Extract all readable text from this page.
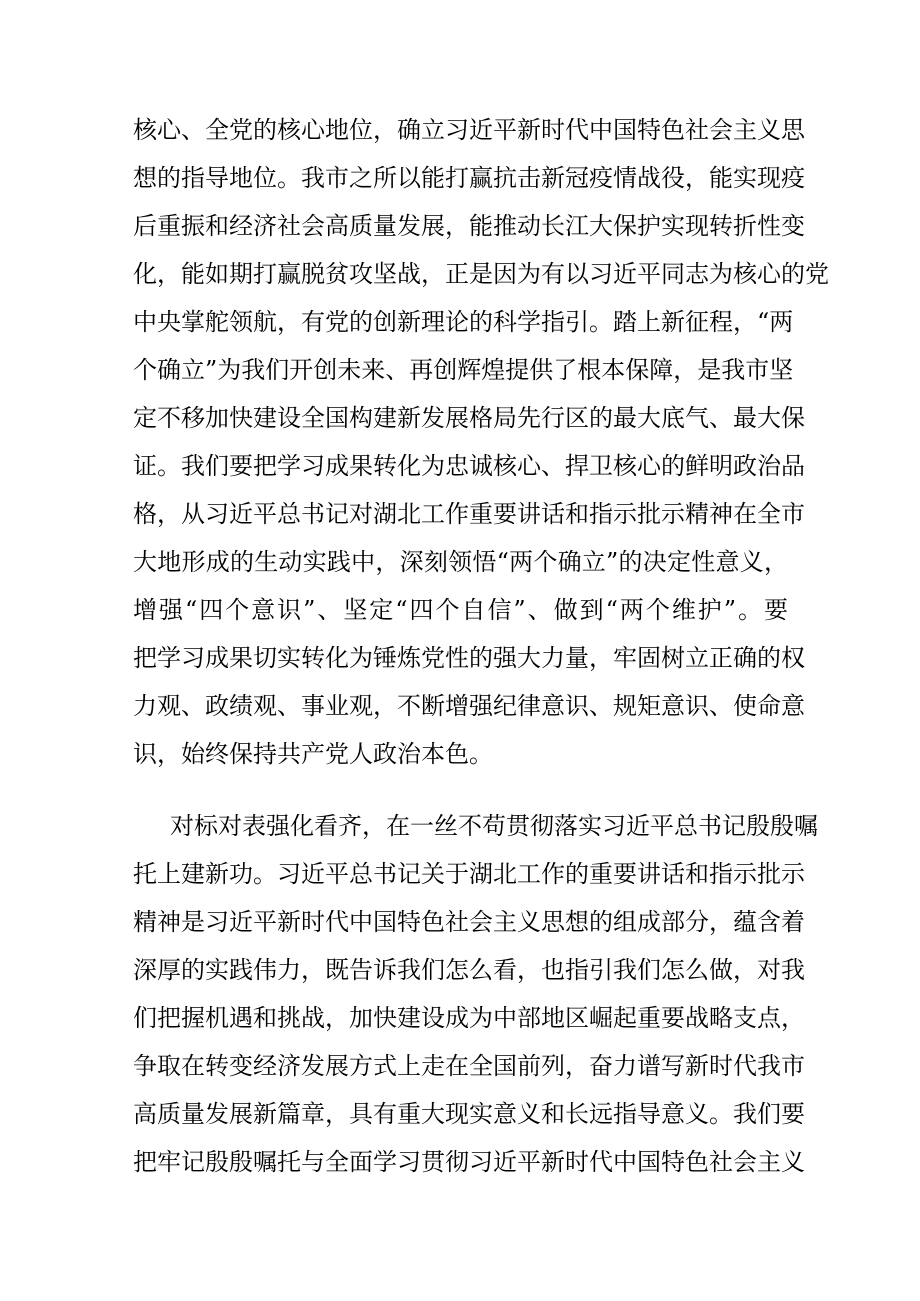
核心、全党的核心地位，确立习近平新时代中国特色社会主义思
想的指导地位。我市之所以能打赢抗击新冠疫情战役，能实现疫
后重振和经济社会高质量发展，能推动长江大保护实现转折性变
化，能如期打赢脱贫攻坚战，正是因为有以习近平同志为核心的党
中央掌舵领航，有党的创新理论的科学指引。踏上新征程，“两
个确立”为我们开创未来、再创辉煌提供了根本保障，是我市坚
定不移加快建设全国构建新发展格局先行区的最大底气、最大保
证。我们要把学习成果转化为忠诚核心、捍卫核心的鲜明政治品
格，从习近平总书记对湖北工作重要讲话和指示批示精神在全市
大地形成的生动实践中，深刻领悟“两个确立”的决定性意义，
增强“四个意识”、坚定“四个自信”、做到“两个维护”。要
把学习成果切实转化为锤炼党性的强大力量，牢固树立正确的权
力观、政绩观、事业观，不断增强纪律意识、规矩意识、使命意
识，始终保持共产党人政治本色。
对标对表强化看齐，在一丝不苟贯彻落实习近平总书记殷殷嘱
托上建新功。习近平总书记关于湖北工作的重要讲话和指示批示
精神是习近平新时代中国特色社会主义思想的组成部分，蕴含着
深厚的实践伟力，既告诉我们怎么看，也指引我们怎么做，对我
们把握机遇和挑战，加快建设成为中部地区崛起重要战略支点，
争取在转变经济发展方式上走在全国前列，奋力谱写新时代我市
高质量发展新篇章，具有重大现实意义和长远指导意义。我们要
把牢记殷殷嘱托与全面学习贯彻习近平新时代中国特色社会主义
